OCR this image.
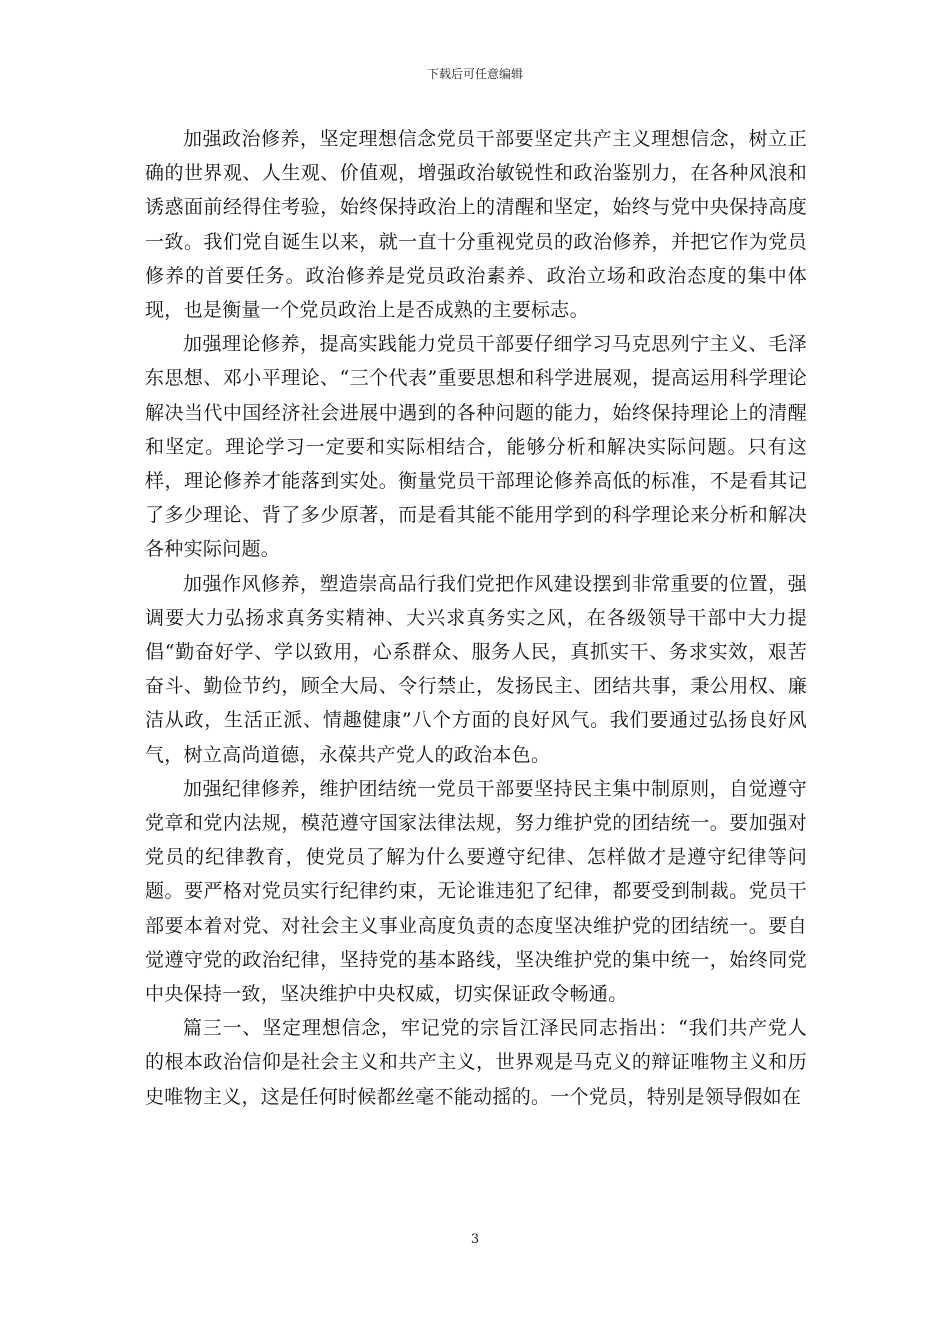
下载后可任意编辑

加强政治修养，坚定理想信念党员干部要坚定共产主义理想信念，树立正确的世界观、人生观、价值观，增强政治敏锐性和政治鉴别力，在各种风浪和诱惑面前经得住考验，始终保持政治上的清醒和坚定，始终与党中央保持高度一致。我们党自诞生以来，就一直十分重视党员的政治修养，并把它作为党员修养的首要任务。政治修养是党员政治素养、政治立场和政治态度的集中体现，也是衡量一个党员政治上是否成熟的主要标志。

加强理论修养，提高实践能力党员干部要仔细学习马克思列宁主义、毛泽东思想、邓小平理论、“三个代表”重要思想和科学进展观，提高运用科学理论解决当代中国经济社会进展中遇到的各种问题的能力，始终保持理论上的清醒和坚定。理论学习一定要和实际相结合，能够分析和解决实际问题。只有这样，理论修养才能落到实处。衡量党员干部理论修养高低的标准，不是看其记了多少理论、背了多少原著，而是看其能不能用学到的科学理论来分析和解决各种实际问题。

加强作风修养，塑造崇高品行我们党把作风建设摆到非常重要的位置，强调要大力弘扬求真务实精神、大兴求真务实之风，在各级领导干部中大力提倡“勤奋好学、学以致用，心系群众、服务人民，真抓实干、务求实效，艰苦奋斗、勤俭节约，顾全大局、令行禁止，发扬民主、团结共事，秉公用权、廉洁从政，生活正派、情趣健康”八个方面的良好风气。我们要通过弘扬良好风气，树立高尚道德，永葆共产党人的政治本色。

加强纪律修养，维护团结统一党员干部要坚持民主集中制原则，自觉遵守党章和党内法规，模范遵守国家法律法规，努力维护党的团结统一。要加强对党员的纪律教育，使党员了解为什么要遵守纪律、怎样做才是遵守纪律等问题。要严格对党员实行纪律约束，无论谁违犯了纪律，都要受到制裁。党员干部要本着对党、对社会主义事业高度负责的态度坚决维护党的团结统一。要自觉遵守党的政治纪律，坚持党的基本路线，坚决维护党的集中统一，始终同党中央保持一致，坚决维护中央权威，切实保证政令畅通。

篇三一、坚定理想信念，牢记党的宗旨江泽民同志指出：“我们共产党人的根本政治信仰是社会主义和共产主义，世界观是马克义的辩证唯物主义和历史唯物主义，这是任何时候都丝毫不能动摇的。一个党员，特别是领导假如在

3
